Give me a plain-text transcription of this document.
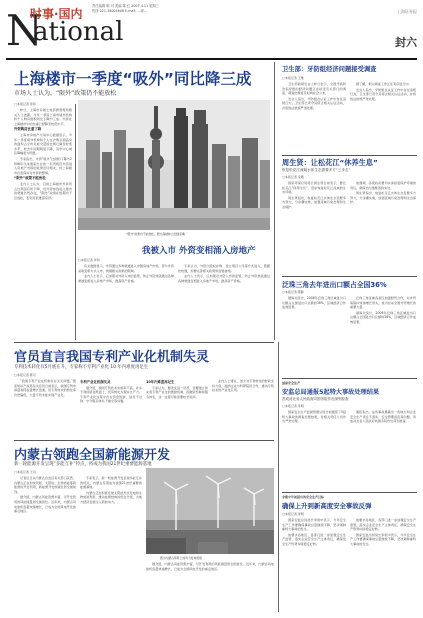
N
时事·国内
ational
责任编辑 陈 可 美编 陈 红 2007.4.11 星期三
热线 021-38004608 E-mail: ...@...	上海证券报
封六
上海楼市一季度“吸外”同比降三成
市场人士认为，“限外”政策仍不能放松
□本报记者 李和

昨日，上海市房屋土地资源管理局相关人士透露，今年一季度上海市境外机构和个人购房面积同比下降约三成。外资在上海楼市中的比重已经降至较低水平。

外资购房比重下降

上海市房地产交易中心数据显示，今年一季度境外机构和个人在沪购买商品房的面积占全市总成交量的比例已降至较低水平，较去年同期明显下降，其中中心城区降幅更为明显。

专家指出，外资“吸外”比例的下降与2006年以来国家出台的一系列规范外资进入房地产市场的政策密切相关，但上海楼市仍需保持对外资的警惕。

“限外”政策不能放松

业内人士认为，目前上海楼市外资所占比例虽有所下降，但外资热钱进入楼市的渠道仍然存在，“限外”政策在短期内不宜放松，否则可能推高房价。

“限外”政策仍不能放松。图为高楼林立的陆家嘴
我被入市 外资变相涌入房地产
□本报记者 李和

有关数据显示，外资通过多种渠道进入中国房地产市场，部分外资采取变相方式入市，规避相关政策的限制。

业内人士表示，应加强对外资入市的监管，防止外资热钱通过各种渠道变相进入房地产市场，推高资产价格。

专家认为，外资以股权并购、设立项目公司等方式进入，隐蔽性较强，需要完善相关政策和监管措施。

业内人士表示，应加强对外资入市的监管，防止外资热钱通过各种渠道变相进入房地产市场，推高资产价格。

官员直言我国专利产业化机制失灵
专利技术转化仅5月底在升，专家称不专利产业化 10 年内难度再足生
□本报记者 陈可

“我国专利产业化机制存在失灵问题。”国家知识产权局有关官员日前表示，我国专利申请量和授权量增长迅速，但专利技术的转化率仍然偏低，大量专利未能实现产业化。

专利产业化机制失灵

据介绍，我国专利技术实施率不高，许多专利停留在纸面上，没有转化为现实生产力。专利产业化过程中存在资金短缺、信息不对称、中介服务体系不健全等问题。

10年内难度再足生

专家认为，要改变这一状况，需要建立和完善专利产业化的激励机制、投融资机制和服务体系，这一过程可能需要较长时间。

业内人士建议，加大对专利转化的财政支持力度，鼓励企业与科研院所合作，推动专利技术的产业化应用。

内蒙古领跑全国新能源开发
新一轮能源开发呈现“多能互补”特点，将成为我国21世纪重要能源基地
□本报记者 王丹

记者近日从内蒙古自治区有关部门获悉，内蒙古正在加快风能、太阳能、生物质能等新能源的开发利用，新能源开发规模位居全国前列。

据介绍，内蒙古风能资源丰富，可开发利用的风能储量居全国首位。近年来，内蒙古风电装机容量快速增长，已成为全国风电开发的重点地区。

专家表示，新一轮能源开发呈现多能互补的特点，内蒙古有望成为我国21世纪重要的能源基地。

内蒙古还在积极发展太阳能光伏发电和生物质能利用，推动能源结构的优化升级，为地方经济发展注入新的动力。

图为内蒙古草原上的风力发电机组

据介绍，内蒙古风能资源丰富，可开发利用的风能储量居全国首位。近年来，内蒙古风电装机容量快速增长，已成为全国风电开发的重点地区。

卫生部：牙防组经济问题接受调查
□本报记者 王维

卫生部新闻发言人昨日表示，全国牙病防治指导组的经济问题正在接受有关部门的调查，调查结果将及时向社会公布。

发言人指出，牙防组在认证工作中存在违规行为，卫生部已责令其停止相关认证活动，并将依法依规严肃处理。

据了解，相关调查工作正在有序进行中。

发言人指出，牙防组在认证工作中存在违规行为，卫生部已责令其停止相关认证活动，并将依法依规严肃处理。

周生贤：让松花江“休养生息”
恢复松花江流域水体生态需要多方“三步走”
□本报记者 宋刚

国家环保总局局长周生贤日前表示，要让松花江“休养生息”，逐步恢复松花江流域的生态环境。

周生贤指出，恢复松花江水体生态需要多方努力，分步骤实施，加强流域污染治理和生态保护。

他强调，各级政府要切实承担起保护环境的责任，确保治污措施落到实处。

周生贤指出，恢复松花江水体生态需要多方努力，分步骤实施，加强流域污染治理和生态保护。

泛珠三角去年进出口额占全国36%
□本报记者 陈静

据海关统计，2006年泛珠三角区域进出口总额占全国进出口总额的36%，区域经济合作成效显著。

泛珠三角区域各省区加强经贸合作，对外贸易保持快速增长势头，成为拉动全国外贸增长的重要力量。

据海关统计，2006年泛珠三角区域进出口总额占全国进出口总额的36%，区域经济合作成效显著。

国家安全生产
安监总局通报5起特大事故处理结果
责成河北省人民政府向国务院作出深刻检查
□本报记者 李明

国家安全生产监督管理总局日前通报了5起特大事故的调查处理结果，对相关责任人员作出严肃处理。

通报指出，这些事故暴露出一些地方和企业安全生产责任不落实、安全管理混乱等问题，责成河北省人民政府向国务院作出深刻检查。

李毅中年初提出的安全生产目标
确保上升到新高度安全事故反弹
□本报记者 李明

国家安监总局局长李毅中表示，今年安全生产工作要确保事故总量继续下降，坚决遏制重特大事故的发生。

他要求各地区、各部门进一步加强安全生产监管，落实企业安全生产主体责任，确保安全生产形势持续稳定好转。

他要求各地区、各部门进一步加强安全生产监管，落实企业安全生产主体责任，确保安全生产形势持续稳定好转。

国家安监总局局长李毅中表示，今年安全生产工作要确保事故总量继续下降，坚决遏制重特大事故的发生。
